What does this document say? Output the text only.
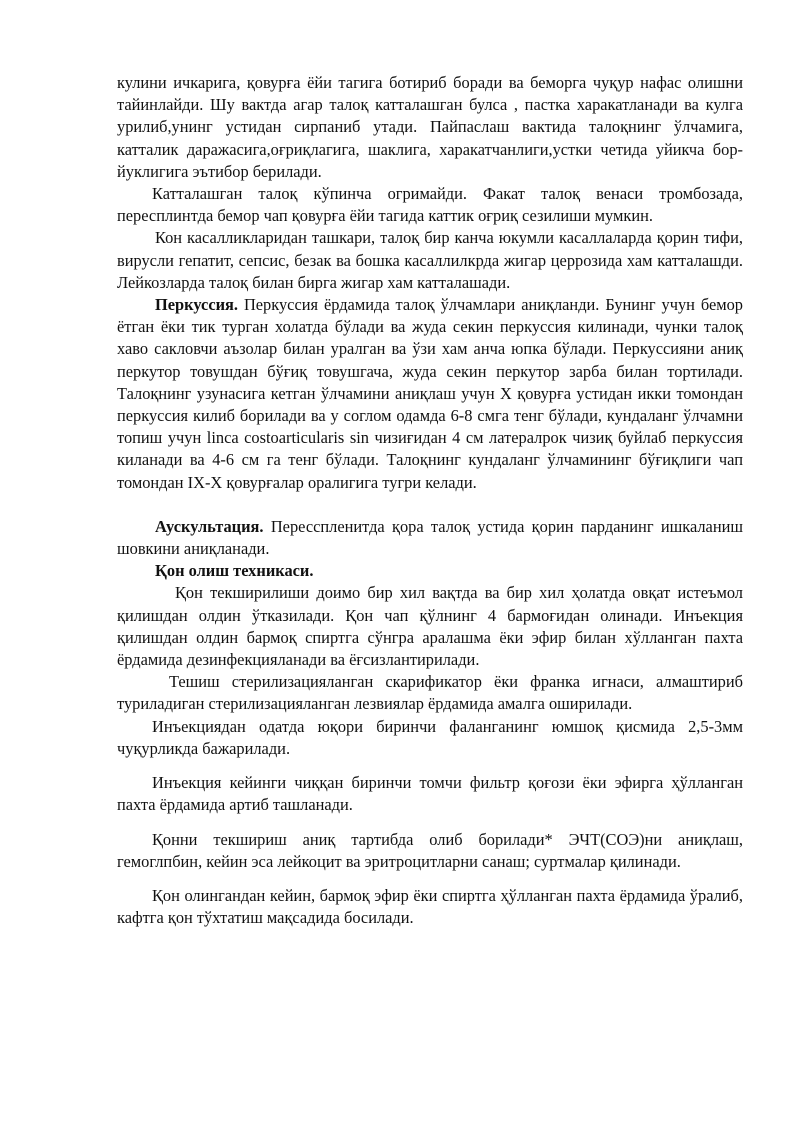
кулини ичкарига, қовурға ёйи тагига ботириб боради ва беморга чуқур нафас олишни тайинлайди. Шу вактда агар талоқ катталашган булса , пастка харакатланади ва кулга урилиб,унинг устидан сирпаниб утади. Пайпаслаш вактида талоқнинг ўлчамига, катталик даражасига,оғриқлагига, шаклига, харакатчанлиги,устки четида уйикча бор-йуклигига эътибор берилади.

Катталашган талоқ кўпинча огримайди. Факат талоқ венаси тромбозада, пересплинтда бемор чап қовурға ёйи тагида каттик оғриқ сезилиши мумкин.

Кон касалликларидан ташкари, талоқ бир канча юкумли касаллаларда қорин тифи, вирусли гепатит, сепсис, безак ва бошка касаллилкрда жигар церрозида хам катталашди. Лейкозларда талоқ билан бирга жигар хам катталашади.

Перкуссия. Перкуссия ёрдамида талоқ ўлчамлари аниқланди. Бунинг учун бемор ётган ёки тик турган холатда бўлади ва жуда секин перкуссия килинади, чунки талоқ хаво сакловчи аъзолар билан уралган ва ўзи хам анча юпка бўлади. Перкуссияни аниқ перкутор товушдан бўғиқ товушгача, жуда секин перкутор зарба билан тортилади. Талоқнинг узунасига кетган ўлчамини аниқлаш учун X қовурға устидан икки томондан перкуссия килиб борилади ва у соглом одамда 6-8 смга тенг бўлади, кундаланг ўлчамни топиш учун linca costoarticularis sin чизиғидан 4 см латералрок чизиқ буйлаб перкуссия киланади ва 4-6 см га тенг бўлади. Талоқнинг кундаланг ўлчамининг бўғиқлиги чап томондан IX-X қовурғалар оралигига тугри келади.

Аускультация. Пересспленитда қора талоқ устида қорин парданинг ишкаланиш шовкини аниқланади.

Қон олиш техникаси.

Қон текширилиши доимо бир хил вақтда ва бир хил ҳолатда овқат истеъмол қилишдан олдин ўтказилади. Қон чап қўлнинг 4 бармоғидан олинади. Инъекция қилишдан олдин бармоқ спиртга сўнгра аралашма ёки эфир билан хўлланган пахта ёрдамида дезинфекцияланади ва ёғсизлантирилади.

Тешиш стерилизацияланган скарификатор ёки франка игнаси, алмаштириб туриладиган стерилизацияланган лезвиялар ёрдамида амалга оширилади.

Инъекциядан одатда юқори биринчи фаланганинг юмшоқ қисмида 2,5-3мм чуқурликда бажарилади.

Инъекция кейинги чиққан биринчи томчи фильтр қоғози ёки эфирга ҳўлланган пахта ёрдамида артиб ташланади.

Қонни текшириш аниқ тартибда олиб борилади* ЭЧТ(СОЭ)ни аниқлаш, гемоглпбин, кейин эса лейкоцит ва эритроцитларни санаш; суртмалар қилинади.

Қон олингандан кейин, бармоқ эфир ёки спиртга ҳўлланган пахта ёрдамида ўралиб, кафтга қон тўхтатиш мақсадида босилади.
